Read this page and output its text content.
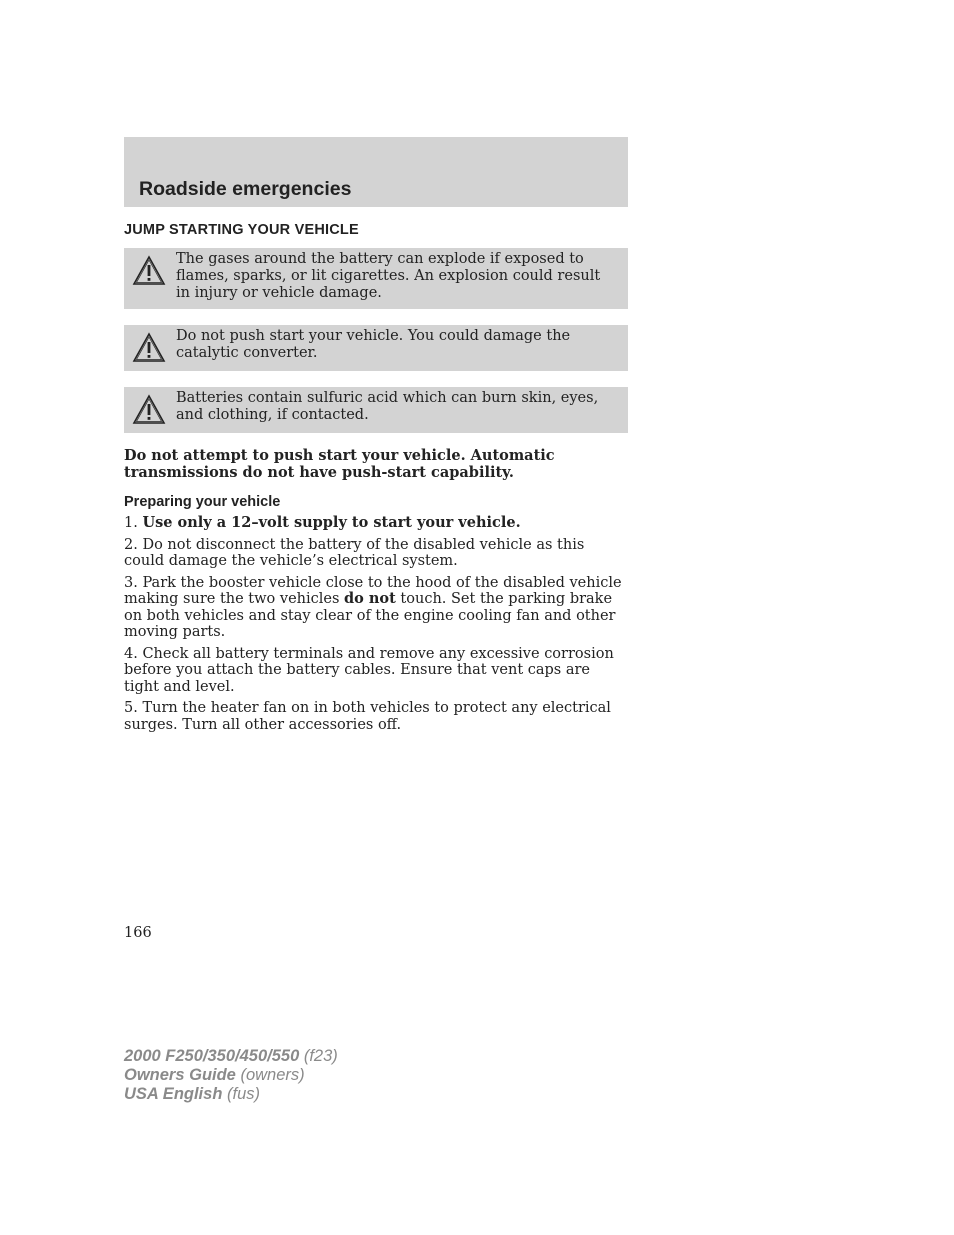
Roadside emergencies
JUMP STARTING YOUR VEHICLE
The gases around the battery can explode if exposed to flames, sparks, or lit cigarettes. An explosion could result in injury or vehicle damage.
Do not push start your vehicle. You could damage the catalytic converter.
Batteries contain sulfuric acid which can burn skin, eyes, and clothing, if contacted.
Do not attempt to push start your vehicle. Automatic transmissions do not have push-start capability.
Preparing your vehicle
1. Use only a 12–volt supply to start your vehicle.
2. Do not disconnect the battery of the disabled vehicle as this could damage the vehicle’s electrical system.
3. Park the booster vehicle close to the hood of the disabled vehicle making sure the two vehicles do not touch. Set the parking brake on both vehicles and stay clear of the engine cooling fan and other moving parts.
4. Check all battery terminals and remove any excessive corrosion before you attach the battery cables. Ensure that vent caps are tight and level.
5. Turn the heater fan on in both vehicles to protect any electrical surges. Turn all other accessories off.
166
2000 F250/350/450/550 (f23)
Owners Guide (owners)
USA English (fus)
